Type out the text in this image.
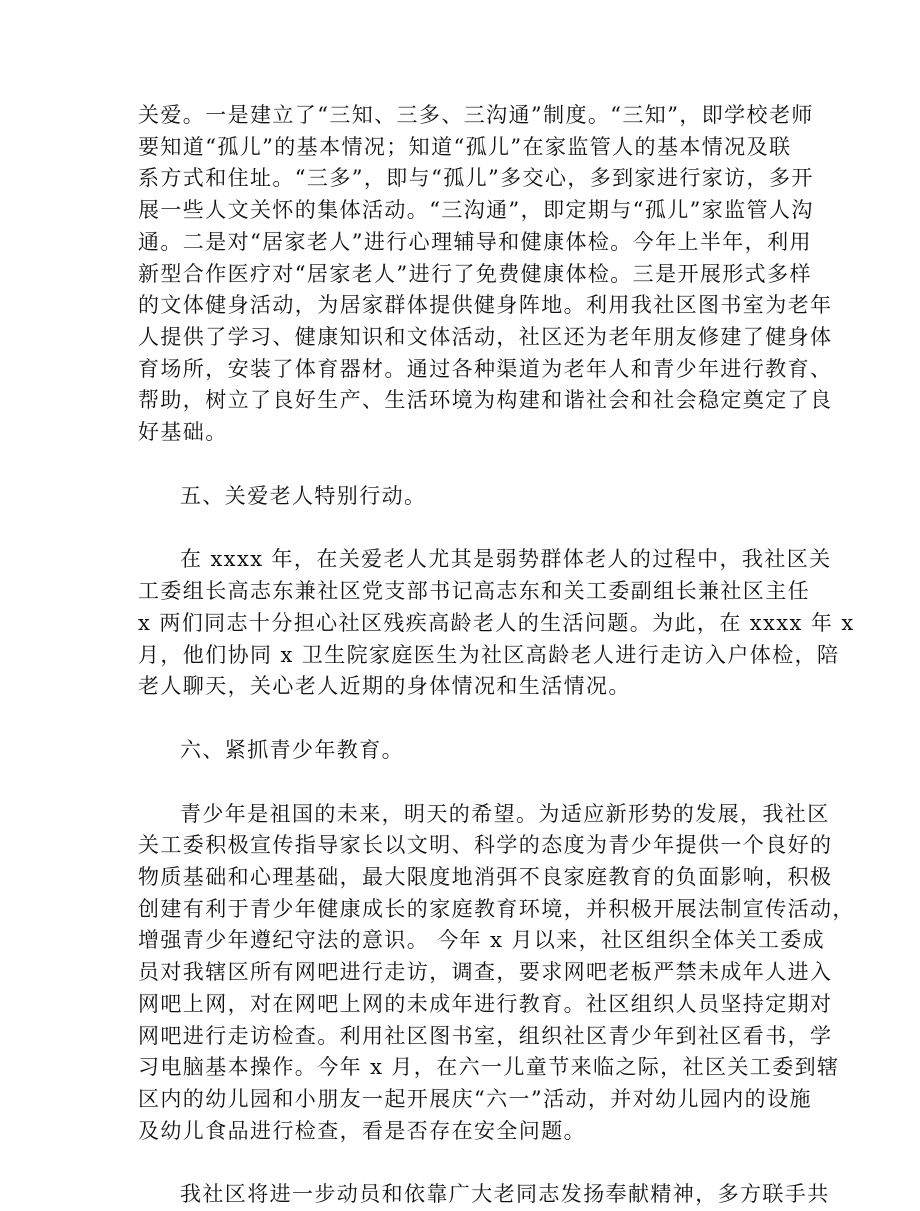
关爱。一是建立了“三知、三多、三沟通”制度。“三知”，即学校老师
要知道“孤儿”的基本情况；知道“孤儿”在家监管人的基本情况及联
系方式和住址。“三多”，即与“孤儿”多交心，多到家进行家访，多开
展一些人文关怀的集体活动。“三沟通”，即定期与“孤儿”家监管人沟
通。二是对“居家老人”进行心理辅导和健康体检。今年上半年，利用
新型合作医疗对“居家老人”进行了免费健康体检。三是开展形式多样
的文体健身活动，为居家群体提供健身阵地。利用我社区图书室为老年
人提供了学习、健康知识和文体活动，社区还为老年朋友修建了健身体
育场所，安装了体育器材。通过各种渠道为老年人和青少年进行教育、
帮助，树立了良好生产、生活环境为构建和谐社会和社会稳定奠定了良
好基础。
五、关爱老人特别行动。
在 xxxx 年，在关爱老人尤其是弱势群体老人的过程中，我社区关
工委组长高志东兼社区党支部书记高志东和关工委副组长兼社区主任
x 两们同志十分担心社区残疾高龄老人的生活问题。为此，在 xxxx 年 x
月，他们协同 x 卫生院家庭医生为社区高龄老人进行走访入户体检，陪
老人聊天，关心老人近期的身体情况和生活情况。
六、紧抓青少年教育。
青少年是祖国的未来，明天的希望。为适应新形势的发展，我社区
关工委积极宣传指导家长以文明、科学的态度为青少年提供一个良好的
物质基础和心理基础，最大限度地消弭不良家庭教育的负面影响，积极
创建有利于青少年健康成长的家庭教育环境，并积极开展法制宣传活动，
增强青少年遵纪守法的意识。 今年 x 月以来，社区组织全体关工委成
员对我辖区所有网吧进行走访，调查，要求网吧老板严禁未成年人进入
网吧上网，对在网吧上网的未成年进行教育。社区组织人员坚持定期对
网吧进行走访检查。利用社区图书室，组织社区青少年到社区看书，学
习电脑基本操作。今年 x 月，在六一儿童节来临之际，社区关工委到辖
区内的幼儿园和小朋友一起开展庆“六一”活动，并对幼儿园内的设施
及幼儿食品进行检查，看是否存在安全问题。
我社区将进一步动员和依靠广大老同志发扬奉献精神，多方联手共
